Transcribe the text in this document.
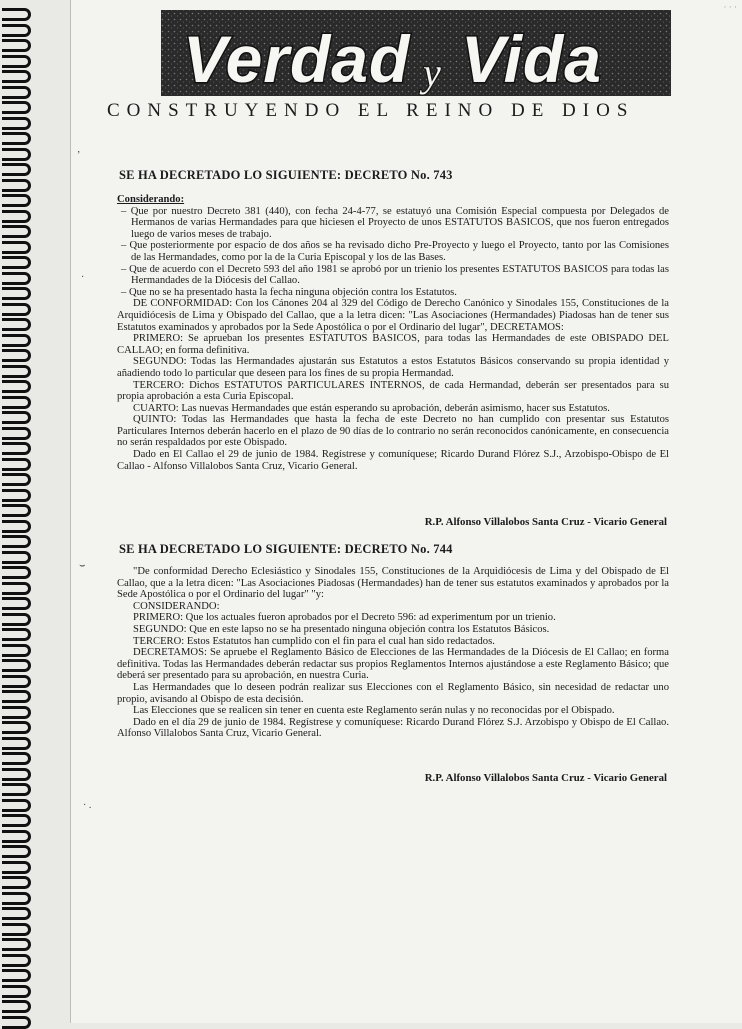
· · ·
Verdad y Vida
CONSTRUYENDO EL REINO DE DIOS
SE HA DECRETADO LO SIGUIENTE: DECRETO No. 743

Considerando:

– Que por nuestro Decreto 381 (440), con fecha 24-4-77, se estatuyó una Comisión Especial compuesta por Delegados de Hermanos de varias Hermandades para que hiciesen el Proyecto de unos ESTATUTOS BASICOS, que nos fueron entregados luego de varios meses de trabajo.

– Que posteriormente por espacio de dos años se ha revisado dicho Pre-Proyecto y luego el Proyecto, tanto por las Comisiones de las Hermandades, como por la de la Curia Episcopal y los de las Bases.

– Que de acuerdo con el Decreto 593 del año 1981 se aprobó por un trienio los presentes ESTATUTOS BASICOS para todas las Hermandades de la Diócesis del Callao.

– Que no se ha presentado hasta la fecha ninguna objeción contra los Estatutos.

DE CONFORMIDAD: Con los Cánones 204 al 329 del Código de Derecho Canónico y Sinodales 155, Constituciones de la Arquidiócesis de Lima y Obispado del Callao, que a la letra dicen: "Las Asociaciones (Hermandades) Piadosas han de tener sus Estatutos examinados y aprobados por la Sede Apostólica o por el Ordinario del lugar", DECRETAMOS:

PRIMERO: Se aprueban los presentes ESTATUTOS BASICOS, para todas las Hermandades de este OBISPADO DEL CALLAO; en forma definitiva.

SEGUNDO: Todas las Hermandades ajustarán sus Estatutos a estos Estatutos Básicos conservando su propia identidad y añadiendo todo lo particular que deseen para los fines de su propia Hermandad.

TERCERO: Dichos ESTATUTOS PARTICULARES INTERNOS, de cada Hermandad, deberán ser presentados para su propia aprobación a esta Curia Episcopal.

CUARTO: Las nuevas Hermandades que están esperando su aprobación, deberán asimismo, hacer sus Estatutos.

QUINTO: Todas las Hermandades que hasta la fecha de este Decreto no han cumplido con presentar sus Estatutos Particulares Internos deberán hacerlo en el plazo de 90 días de lo contrario no serán reconocidos canónicamente, en consecuencia no serán respaldados por este Obispado.

Dado en El Callao el 29 de junio de 1984. Regístrese y comuníquese; Ricardo Durand Flórez S.J., Arzobispo-Obispo de El Callao - Alfonso Villalobos Santa Cruz, Vicario General.

R.P. Alfonso Villalobos Santa Cruz - Vicario General
SE HA DECRETADO LO SIGUIENTE: DECRETO No. 744

"De conformidad Derecho Eclesiástico y Sinodales 155, Constituciones de la Arquidiócesis de Lima y del Obispado de El Callao, que a la letra dicen: "Las Asociaciones Piadosas (Hermandades) han de tener sus estatutos examinados y aprobados por la Sede Apostólica o por el Ordinario del lugar" "y:

CONSIDERANDO:

PRIMERO: Que los actuales fueron aprobados por el Decreto 596: ad experimentum por un trienio.

SEGUNDO: Que en este lapso no se ha presentado ninguna objeción contra los Estatutos Básicos.

TERCERO: Estos Estatutos han cumplido con el fin para el cual han sido redactados.

DECRETAMOS: Se apruebe el Reglamento Básico de Elecciones de las Hermandades de la Diócesis de El Callao; en forma definitiva. Todas las Hermandades deberán redactar sus propios Reglamentos Internos ajustándose a este Reglamento Básico; que deberá ser presentado para su aprobación, en nuestra Curia.

Las Hermandades que lo deseen podrán realizar sus Elecciones con el Reglamento Básico, sin necesidad de redactar uno propio, avisando al Obispo de esta decisión.

Las Elecciones que se realicen sin tener en cuenta este Reglamento serán nulas y no reconocidas por el Obispado.

Dado en el día 29 de junio de 1984. Regístrese y comuníquese: Ricardo Durand Flórez S.J. Arzobispo y Obispo de El Callao. Alfonso Villalobos Santa Cruz, Vicario General.

R.P. Alfonso Villalobos Santa Cruz - Vicario General
ʼ
·
⌣
· .
